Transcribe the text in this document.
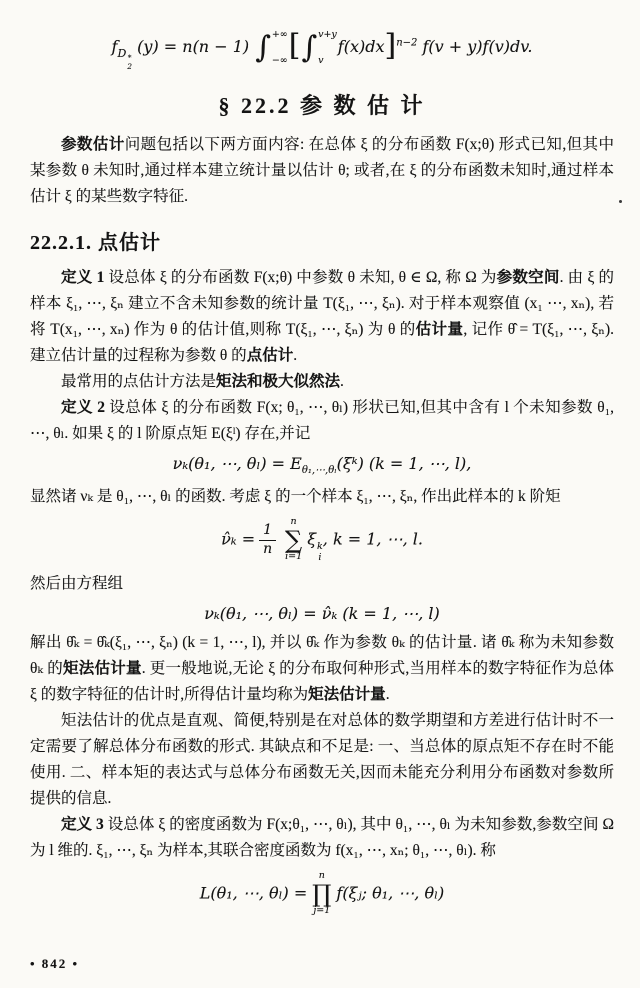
$f_{D * 2}$
(y) = n(n − 1) ∫ +∞
−∞ [ ∫ v+y
v
f(x)dx]$^{n-2}$ f(v + y)f(v)dv.
§ 22.2 参 数 估 计

参数估计问题包括以下两方面内容: 在总体 ξ 的分布函数 F(x;θ) 形式已知,但其中某参数 θ 未知时,通过样本建立统计量以估计 θ; 或者,在 ξ 的分布函数未知时,通过样本估计 ξ 的某些数字特征.

22.2.1. 点估计

定义 1 设总体 ξ 的分布函数 F(x;θ) 中参数 θ 未知, θ ∈ Ω, 称 Ω 为参数空间. 由 ξ 的样本 ξ₁, ⋯, ξₙ 建立不含未知参数的统计量 T(ξ₁, ⋯, ξₙ). 对于样本观察值 (x₁ ⋯, xₙ), 若将 T(x₁, ⋯, xₙ) 作为 θ 的估计值,则称 T(ξ₁, ⋯, ξₙ) 为 θ 的估计量, 记作 θ̂ = T(ξ₁, ⋯, ξₙ). 建立估计量的过程称为参数 θ 的点估计.

最常用的点估计方法是矩法和极大似然法.

定义 2 设总体 ξ 的分布函数 F(x; θ₁, ⋯, θₗ) 形状已知,但其中含有 l 个未知参数 θ₁, ⋯, θₗ. 如果 ξ 的 l 阶原点矩 E(ξˡ) 存在,并记

νₖ(θ₁, ⋯, $\theta_l) = E_{\theta_1,\cdots,\theta_l}(\xi ᵏ) (k = 1$, ⋯, l),

显然诸 νₖ 是 θ₁, ⋯, θₗ 的函数. 考虑 ξ 的一个样本 ξ₁, ⋯, ξₙ, 作出此样本的 k 阶矩

ν̂ₖ = $\frac{1}{n}$
n
∑
i=1
ξ k
i
, k = 1, ⋯, l.

然后由方程组

νₖ(θ₁, ⋯, θₗ) = ν̂ₖ (k = 1, ⋯, l)

解出 θ̂ₖ = θ̂ₖ(ξ₁, ⋯, ξₙ) (k = 1, ⋯, l), 并以 θ̂ₖ 作为参数 θₖ 的估计量. 诸 θ̂ₖ 称为未知参数 θₖ 的矩法估计量. 更一般地说,无论 ξ 的分布取何种形式,当用样本的数字特征作为总体 ξ 的数字特征的估计时,所得估计量均称为矩法估计量.

矩法估计的优点是直观、简便,特别是在对总体的数学期望和方差进行估计时不一定需要了解总体分布函数的形式. 其缺点和不足是: 一、当总体的原点矩不存在时不能使用. 二、样本矩的表达式与总体分布函数无关,因而未能充分利用分布函数对参数所提供的信息.

定义 3 设总体 ξ 的密度函数为 F(x;θ₁, ⋯, θₗ), 其中 θ₁, ⋯, θₗ 为未知参数,参数空间 Ω 为 l 维的. ξ₁, ⋯, ξₙ 为样本,其联合密度函数为 f(x₁, ⋯, xₙ; θ₁, ⋯, θₗ). 称

L(θ₁, ⋯, θₗ) =
n
∏
j=1
f(ξⱼ; θ₁, ⋯, θₗ)
• 842 •
